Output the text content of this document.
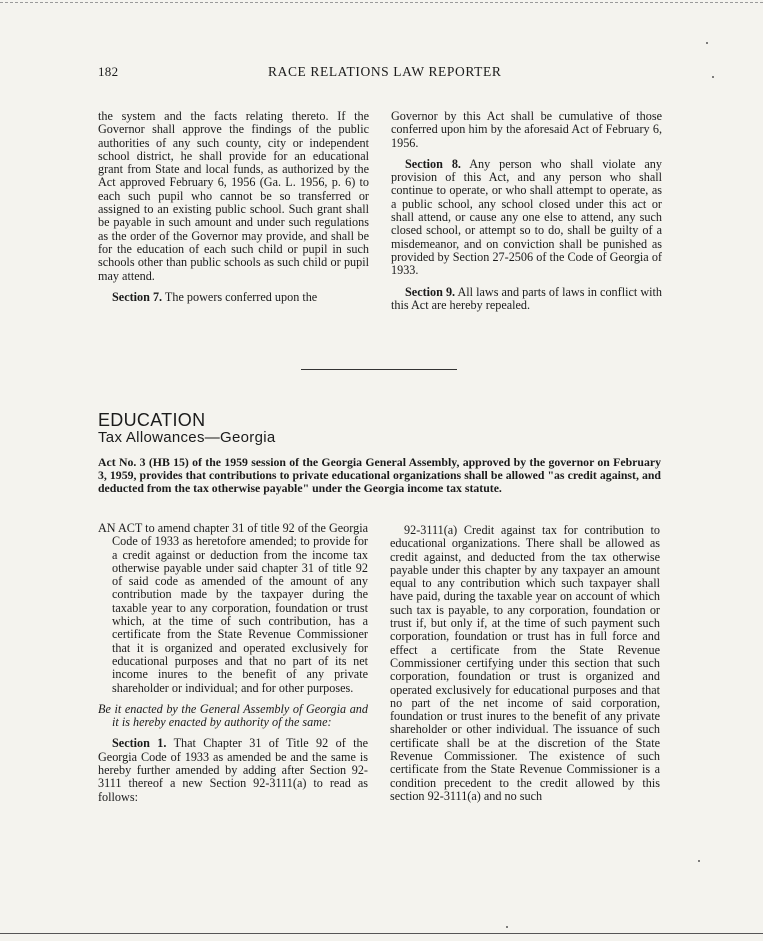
182	RACE RELATIONS LAW REPORTER

the system and the facts relating thereto. If the Governor shall approve the findings of the public authorities of any such county, city or independent school district, he shall provide for an educational grant from State and local funds, as authorized by the Act approved February 6, 1956 (Ga. L. 1956, p. 6) to each such pupil who cannot be so transferred or assigned to an existing public school. Such grant shall be payable in such amount and under such regulations as the order of the Governor may provide, and shall be for the education of each such child or pupil in such schools other than public schools as such child or pupil may attend.

Section 7. The powers conferred upon the

Governor by this Act shall be cumulative of those conferred upon him by the aforesaid Act of February 6, 1956.

Section 8. Any person who shall violate any provision of this Act, and any person who shall continue to operate, or who shall attempt to operate, as a public school, any school closed under this act or shall attend, or cause any one else to attend, any such closed school, or attempt so to do, shall be guilty of a misdemeanor, and on conviction shall be punished as provided by Section 27-2506 of the Code of Georgia of 1933.

Section 9. All laws and parts of laws in conflict with this Act are hereby repealed.

EDUCATION
Tax Allowances—Georgia
Act No. 3 (HB 15) of the 1959 session of the Georgia General Assembly, approved by the governor on February 3, 1959, provides that contributions to private educational organizations shall be allowed "as credit against, and deducted from the tax otherwise payable" under the Georgia income tax statute.

AN ACT to amend chapter 31 of title 92 of the Georgia Code of 1933 as heretofore amended; to provide for a credit against or deduction from the income tax otherwise payable under said chapter 31 of title 92 of said code as amended of the amount of any contribution made by the taxpayer during the taxable year to any corporation, foundation or trust which, at the time of such contribution, has a certificate from the State Revenue Commissioner that it is organized and operated exclusively for educational purposes and that no part of its net income inures to the benefit of any private shareholder or individual; and for other purposes.

Be it enacted by the General Assembly of Georgia and it is hereby enacted by authority of the same:

Section 1. That Chapter 31 of Title 92 of the Georgia Code of 1933 as amended be and the same is hereby further amended by adding after Section 92-3111 thereof a new Section 92-3111(a) to read as follows:

92-3111(a) Credit against tax for contribution to educational organizations. There shall be allowed as credit against, and deducted from the tax otherwise payable under this chapter by any taxpayer an amount equal to any contribution which such taxpayer shall have paid, during the taxable year on account of which such tax is payable, to any corporation, foundation or trust if, but only if, at the time of such payment such corporation, foundation or trust has in full force and effect a certificate from the State Revenue Commissioner certifying under this section that such corporation, foundation or trust is organized and operated exclusively for educational purposes and that no part of the net income of said corporation, foundation or trust inures to the benefit of any private shareholder or other individual. The issuance of such certificate shall be at the discretion of the State Revenue Commissioner. The existence of such certificate from the State Revenue Commissioner is a condition precedent to the credit allowed by this section 92-3111(a) and no such
